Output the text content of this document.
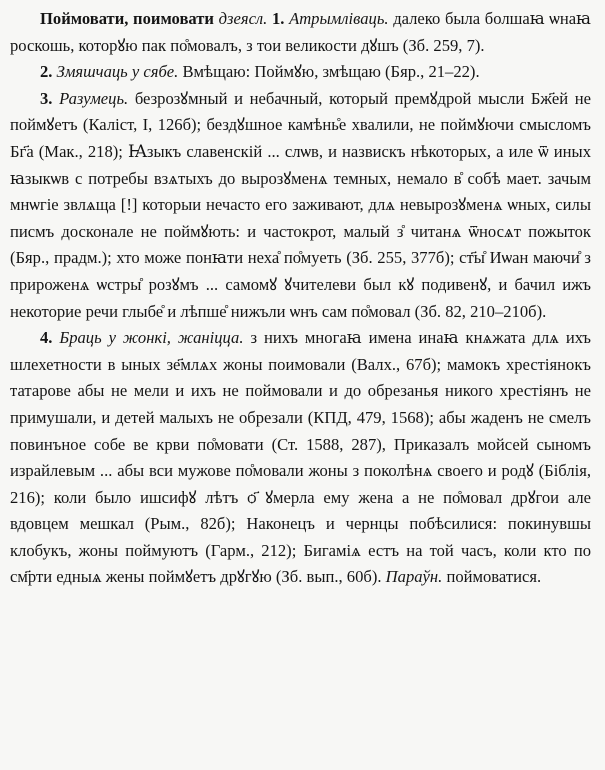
Поймовати, поимовати дзеясл. 1. Атрымліваць. далеко была болшаꙗ ѡнаꙗ роскошь, которꙋю пак по̊мовалъ, з тои великости дꙋшъ (Зб. 259, 7).

2. Змяшчаць у сябе. Вмѣщаю: Поймꙋю, змѣщаю (Бяр., 21–22).

3. Разумець. безрозꙋмный и небачный, который премꙋдрой мысли Бж҃ей не поймꙋетъ (Каліст, I, 126б); бездꙋшное камѣнь̊е хвалили, не поймꙋючи смысломъ Бг҃а (Мак., 218); Ꙗзыкъ славенскій ... слѡв, и назвискъ нѣкоторых, а иле ѿ иных ꙗзыкѡв с потребы взѧтыхъ до вырозꙋменѧ темных, немало в̊ собѣ мает. зачым мнѡгіе звлѧща [!] которыи нечасто его заживают, длѧ невырозꙋменѧ ѡных, силы писмъ досконале не поймꙋють: и частокрот, малый з̊ читанѧ ѿносѧт пожыток (Бяр., прадм.); хто може понꙗти неха̊ по̊муеть (Зб. 255, 377б); ст҃ы̊ Иѡан маючи̊ з прироженѧ ѡстры̊ розꙋмъ ... самомꙋ ꙋчителеви был кꙋ подивенꙋ, и бачил ижъ некоторие речи глыбе̊ и лѣпше̊ нижъли ѡнъ сам по̊мовал (Зб. 82, 210–210б).

4. Браць у жонкі, жаніцца. з нихъ многаꙗ имена инаꙗ кнѧжата длѧ ихъ шлехетности в ыных зе҃млѧх жоны поимовали (Валх., 67б); мамокъ хрестіянокъ татарове абы не мели и ихъ не поймовали и до обрезанья никого хрестіянъ не примушали, и детей малыхъ не обрезали (КПД, 479, 1568); абы жаденъ не смелъ повинъное собе ве крви по̊мовати (Ст. 1588, 287), Приказалъ мойсей сыномъ израйлевым ... абы вси мужове по̊мовали жоны з поколѣнѧ своего и родꙋ (Біблія, 216); коли было ишсифꙋ лѣтъ ѻ҃ ꙋмерла ему жена а не по̊мовал дрꙋгои але вдовцем мешкал (Рым., 82б); Наконецъ и чернцы побѣсилися: покинувшы клобукъ, жоны поймуютъ (Гарм., 212); Бигаміѧ естъ на той часъ, коли кто по см҃рти едныѧ жены поймꙋетъ дрꙋгꙋю (Зб. вып., 60б). Параўн. поймоватися.
